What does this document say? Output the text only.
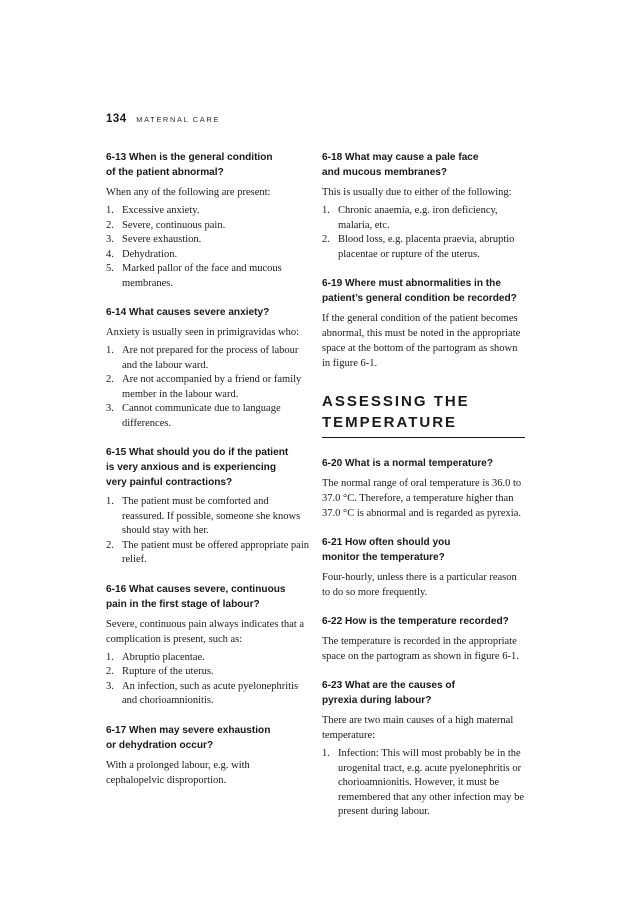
134 MATERNAL CARE

6-13 When is the general condition of the patient abnormal?

When any of the following are present:

1. Excessive anxiety.
2. Severe, continuous pain.
3. Severe exhaustion.
4. Dehydration.
5. Marked pallor of the face and mucous membranes.

6-14 What causes severe anxiety?

Anxiety is usually seen in primigravidas who:

1. Are not prepared for the process of labour and the labour ward.
2. Are not accompanied by a friend or family member in the labour ward.
3. Cannot communicate due to language differences.

6-15 What should you do if the patient is very anxious and is experiencing very painful contractions?

1. The patient must be comforted and reassured. If possible, someone she knows should stay with her.
2. The patient must be offered appropriate pain relief.

6-16 What causes severe, continuous pain in the first stage of labour?

Severe, continuous pain always indicates that a complication is present, such as:

1. Abruptio placentae.
2. Rupture of the uterus.
3. An infection, such as acute pyelonephritis and chorioamnionitis.

6-17 When may severe exhaustion or dehydration occur?

With a prolonged labour, e.g. with cephalopelvic disproportion.

6-18 What may cause a pale face and mucous membranes?

This is usually due to either of the following:

1. Chronic anaemia, e.g. iron deficiency, malaria, etc.
2. Blood loss, e.g. placenta praevia, abruptio placentae or rupture of the uterus.

6-19 Where must abnormalities in the patient’s general condition be recorded?

If the general condition of the patient becomes abnormal, this must be noted in the appropriate space at the bottom of the partogram as shown in figure 6-1.

ASSESSING THE TEMPERATURE

6-20 What is a normal temperature?

The normal range of oral temperature is 36.0 to 37.0 °C. Therefore, a temperature higher than 37.0 °C is abnormal and is regarded as pyrexia.

6-21 How often should you monitor the temperature?

Four-hourly, unless there is a particular reason to do so more frequently.

6-22 How is the temperature recorded?

The temperature is recorded in the appropriate space on the partogram as shown in figure 6-1.

6-23 What are the causes of pyrexia during labour?

There are two main causes of a high maternal temperature:

1. Infection: This will most probably be in the urogenital tract, e.g. acute pyelonephritis or chorioamnionitis. However, it must be remembered that any other infection may be present during labour.
